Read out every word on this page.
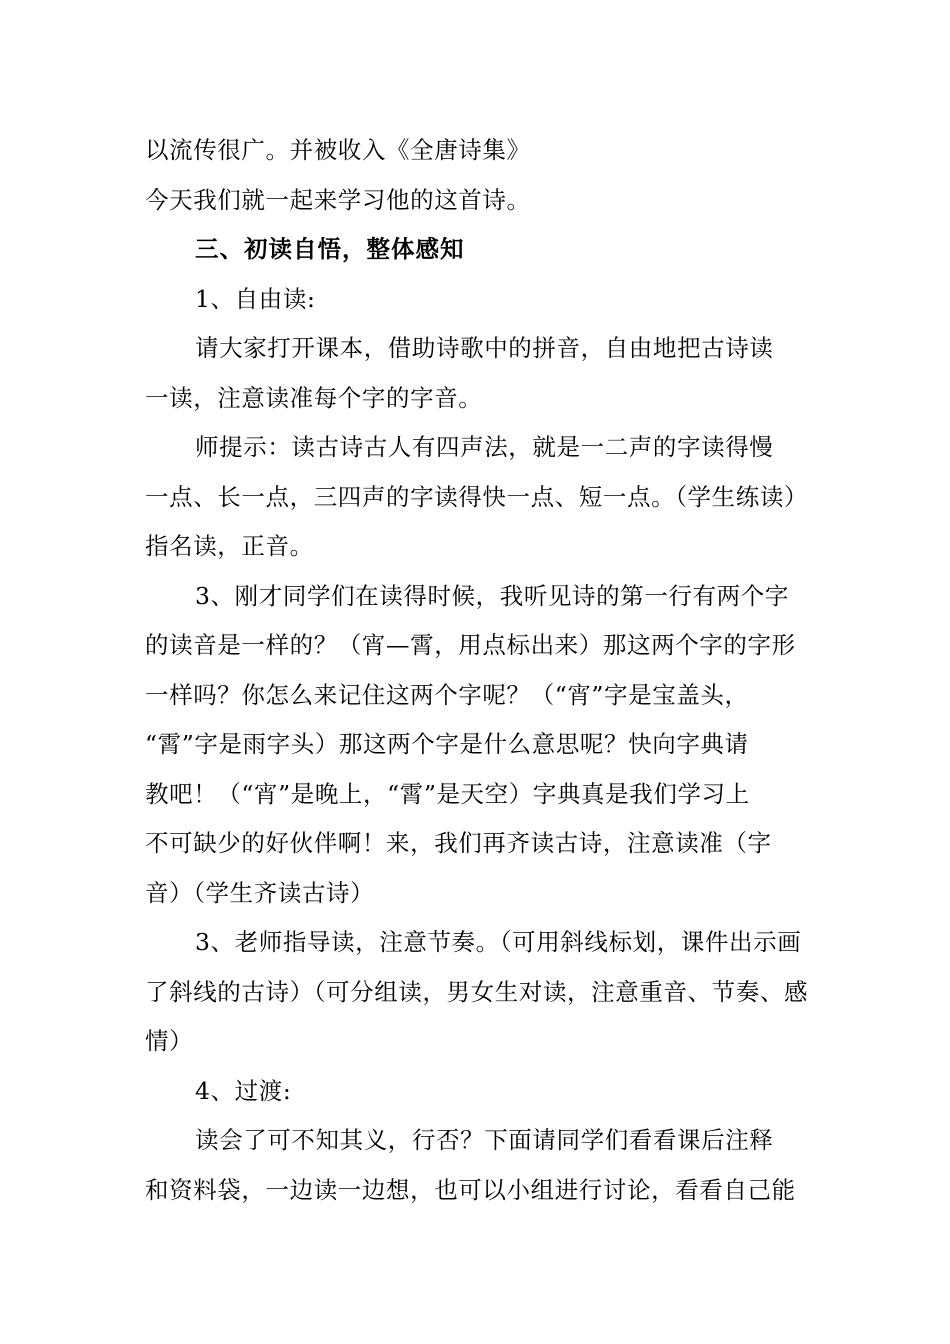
以流传很广。并被收入《全唐诗集》
今天我们就一起来学习他的这首诗。
三、初读自悟，整体感知
1、自由读:
请大家打开课本，借助诗歌中的拼音，自由地把古诗读
一读，注意读准每个字的字音。
师提示：读古诗古人有四声法，就是一二声的字读得慢
一点、长一点，三四声的字读得快一点、短一点。（学生练读）
指名读，正音。
3、刚才同学们在读得时候，我听见诗的第一行有两个字
的读音是一样的？（宵—霄，用点标出来）那这两个字的字形
一样吗？你怎么来记住这两个字呢？（“宵”字是宝盖头，
“霄”字是雨字头）那这两个字是什么意思呢？快向字典请
教吧！（“宵”是晚上，“霄”是天空）字典真是我们学习上
不可缺少的好伙伴啊！来，我们再齐读古诗，注意读准（字
音）（学生齐读古诗）
3、老师指导读，注意节奏。（可用斜线标划，课件出示画
了斜线的古诗）（可分组读，男女生对读，注意重音、节奏、感
情）
4、过渡:
读会了可不知其义，行否？下面请同学们看看课后注释
和资料袋，一边读一边想，也可以小组进行讨论，看看自己能
